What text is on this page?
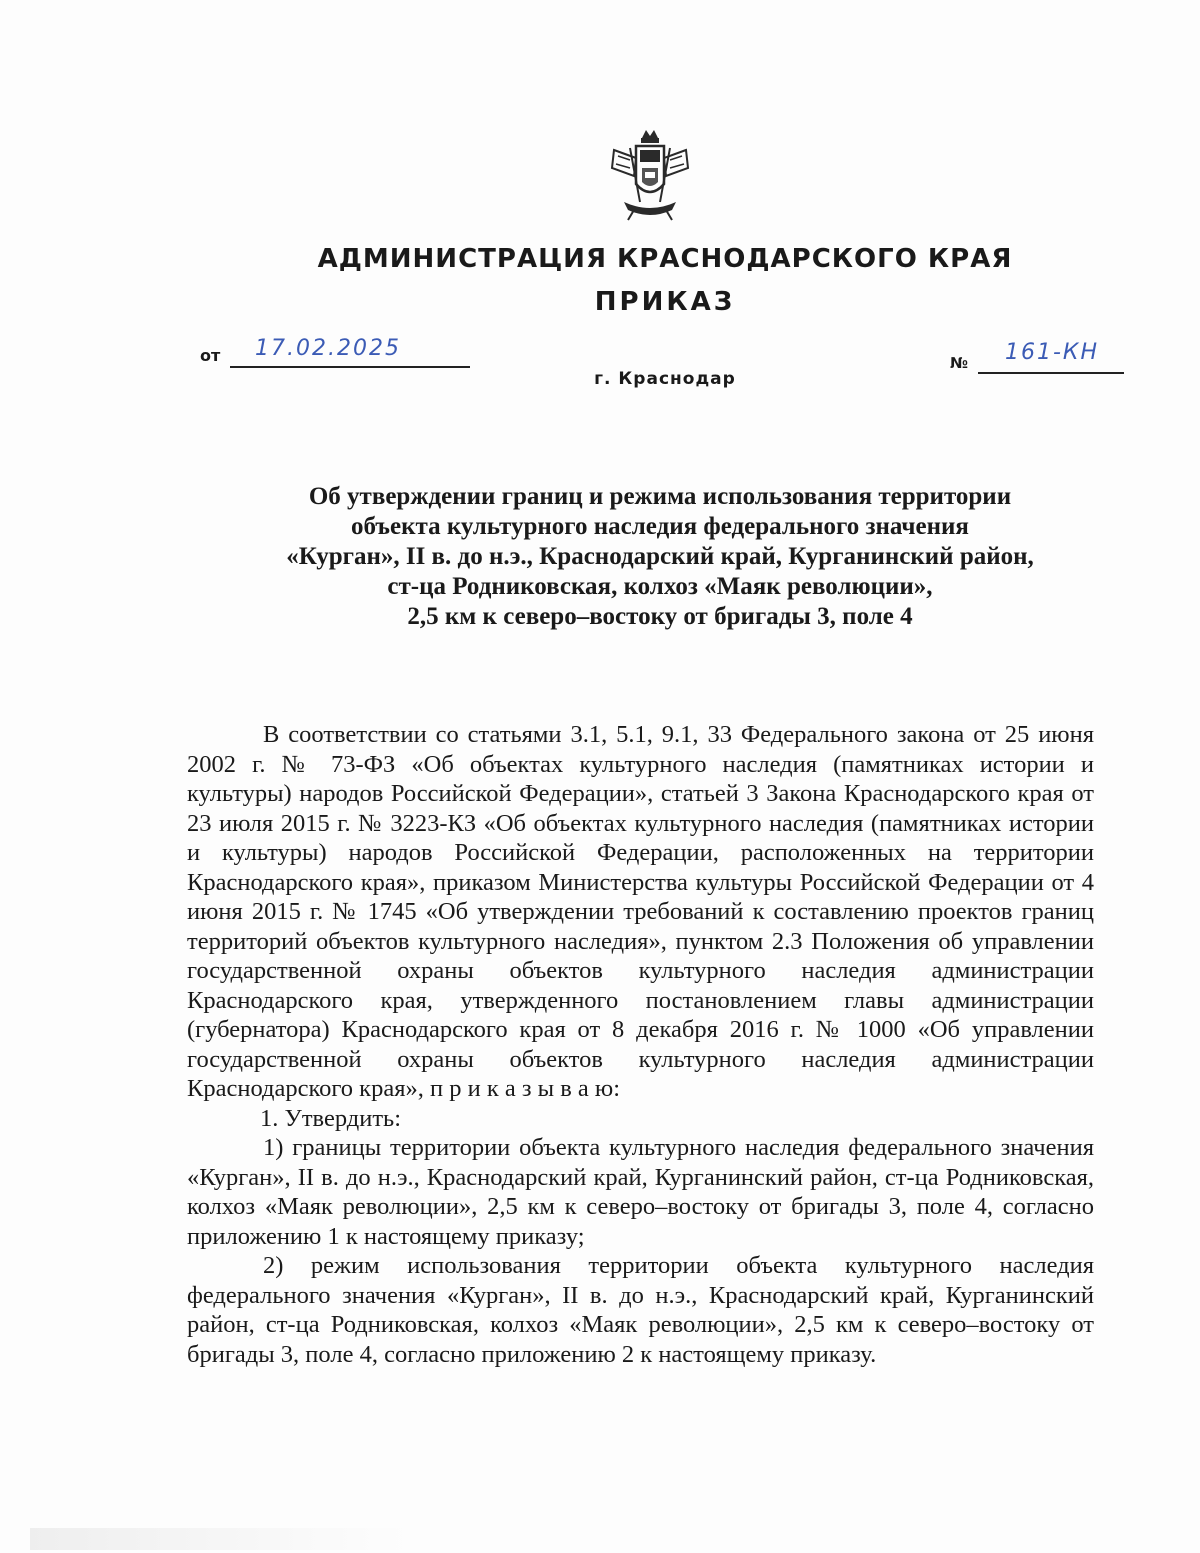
АДМИНИСТРАЦИЯ КРАСНОДАРСКОГО КРАЯ
ПРИКАЗ
от 17.02.2025
№ 161-КН
г. Краснодар
Об утверждении границ и режима использования территории
объекта культурного наследия федерального значения
«Курган», II в. до н.э., Краснодарский край, Курганинский район,
ст-ца Родниковская, колхоз «Маяк революции»,
2,5 км к северо–востоку от бригады 3, поле 4

В соответствии со статьями 3.1, 5.1, 9.1, 33 Федерального закона от 25 июня 2002 г. № 73-ФЗ «Об объектах культурного наследия (памятниках истории и культуры) народов Российской Федерации», статьей 3 Закона Краснодарского края от 23 июля 2015 г. № 3223-КЗ «Об объектах культурного наследия (памятниках истории и культуры) народов Российской Федерации, расположенных на территории Краснодарского края», приказом Министерства культуры Российской Федерации от 4 июня 2015 г. № 1745 «Об утверждении требований к составлению проектов границ территорий объектов культурного наследия», пунктом 2.3 Положения об управлении государственной охраны объектов культурного наследия администрации Краснодарского края, утвержденного постановлением главы администрации (губернатора) Краснодарского края от 8 декабря 2016 г. № 1000 «Об управлении государственной охраны объектов культурного наследия администрации Краснодарского края», п р и к а з ы в а ю:

1. Утвердить:

1) границы территории объекта культурного наследия федерального значения «Курган», II в. до н.э., Краснодарский край, Курганинский район, ст-ца Родниковская, колхоз «Маяк революции», 2,5 км к северо–востоку от бригады 3, поле 4, согласно приложению 1 к настоящему приказу;

2) режим использования территории объекта культурного наследия федерального значения «Курган», II в. до н.э., Краснодарский край, Курганинский район, ст-ца Родниковская, колхоз «Маяк революции», 2,5 км к северо–востоку от бригады 3, поле 4, согласно приложению 2 к настоящему приказу.
